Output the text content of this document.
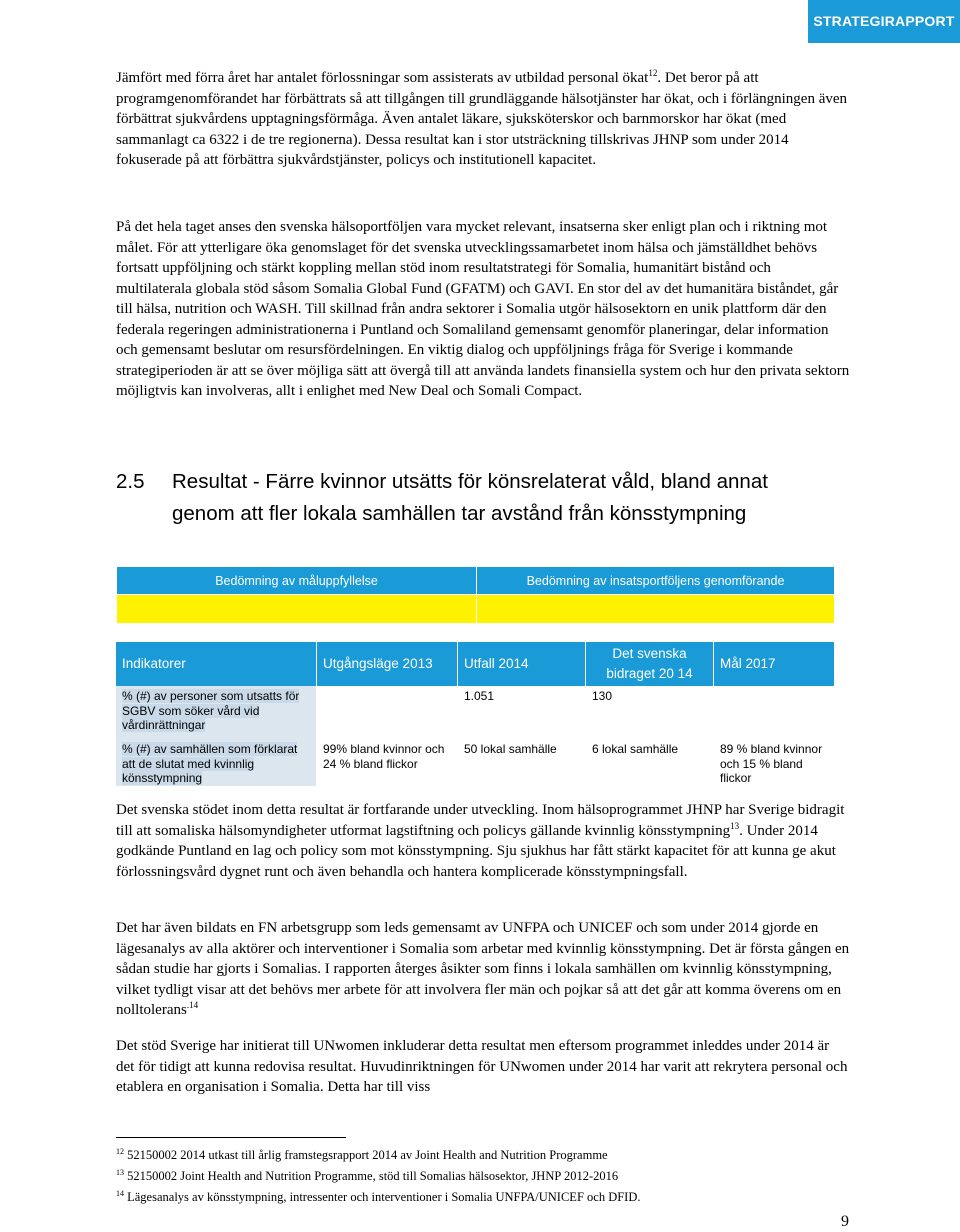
STRATEGIRAPPORT
Jämfört med förra året har antalet förlossningar som assisterats av utbildad personal ökat$^{12}$. Det beror på att programgenomförandet har förbättrats så att tillgången till grundläggande hälsotjänster har ökat, och i förlängningen även förbättrat sjukvårdens upptagningsförmåga. Även antalet läkare, sjuksköterskor och barnmorskor har ökat (med sammanlagt ca 6322 i de tre regionerna). Dessa resultat kan i stor utsträckning tillskrivas JHNP som under 2014 fokuserade på att förbättra sjukvårdstjänster, policys och institutionell kapacitet.
På det hela taget anses den svenska hälsoportföljen vara mycket relevant, insatserna sker enligt plan och i riktning mot målet. För att ytterligare öka genomslaget för det svenska utvecklingssamarbetet inom hälsa och jämställdhet behövs fortsatt uppföljning och stärkt koppling mellan stöd inom resultatstrategi för Somalia, humanitärt bistånd och multilaterala globala stöd såsom Somalia Global Fund (GFATM) och GAVI. En stor del av det humanitära biståndet, går till hälsa, nutrition och WASH. Till skillnad från andra sektorer i Somalia utgör hälsosektorn en unik plattform där den federala regeringen administrationerna i Puntland och Somaliland gemensamt genomför planeringar, delar information och gemensamt beslutar om resursfördelningen. En viktig dialog och uppföljnings fråga för Sverige i kommande strategiperioden är att se över möjliga sätt att övergå till att använda landets finansiella system och hur den privata sektorn möjligtvis kan involveras, allt i enlighet med New Deal och Somali Compact.
2.5 Resultat - Färre kvinnor utsätts för könsrelaterat våld, bland annat
genom att fler lokala samhällen tar avstånd från könsstympning
Bedömning av måluppfyllelse	Bedömning av insatsportföljens genomförande

Indikatorer	Utgångsläge 2013	Utfall 2014	Det svenska bidraget 20 14	Mål 2017
% (#) av personer som utsatts för SGBV som söker vård vid vårdinrättningar		1.051	130	
% (#) av samhällen som förklarat att de slutat med kvinnlig könsstympning	99% bland kvinnor och 24 % bland flickor	50 lokal samhälle	6 lokal samhälle	89 % bland kvinnor och 15 % bland flickor
Det svenska stödet inom detta resultat är fortfarande under utveckling. Inom hälsoprogrammet JHNP har Sverige bidragit till att somaliska hälsomyndigheter utformat lagstiftning och policys gällande kvinnlig könsstympning$^{13}$. Under 2014 godkände Puntland en lag och policy som mot könsstympning. Sju sjukhus har fått stärkt kapacitet för att kunna ge akut förlossningsvård dygnet runt och även behandla och hantera komplicerade könsstympningsfall.
Det har även bildats en FN arbetsgrupp som leds gemensamt av UNFPA och UNICEF och som under 2014 gjorde en lägesanalys av alla aktörer och interventioner i Somalia som arbetar med kvinnlig könsstympning. Det är första gången en sådan studie har gjorts i Somalias. I rapporten återges åsikter som finns i lokala samhällen om kvinnlig könsstympning, vilket tydligt visar att det behövs mer arbete för att involvera fler män och pojkar så att det går att komma överens om en nolltolerans$^{.14}$
Det stöd Sverige har initierat till UNwomen inkluderar detta resultat men eftersom programmet inleddes under 2014 är det för tidigt att kunna redovisa resultat. Huvudinriktningen för UNwomen under 2014 har varit att rekrytera personal och etablera en organisation i Somalia. Detta har till viss
$^{12}$ 52150002 2014 utkast till årlig framstegsrapport 2014 av Joint Health and Nutrition Programme
$^{13}$ 52150002 Joint Health and Nutrition Programme, stöd till Somalias hälsosektor, JHNP 2012-2016
$^{14}$ Lägesanalys av könsstympning, intressenter och interventioner i Somalia UNFPA/UNICEF och DFID.
9
